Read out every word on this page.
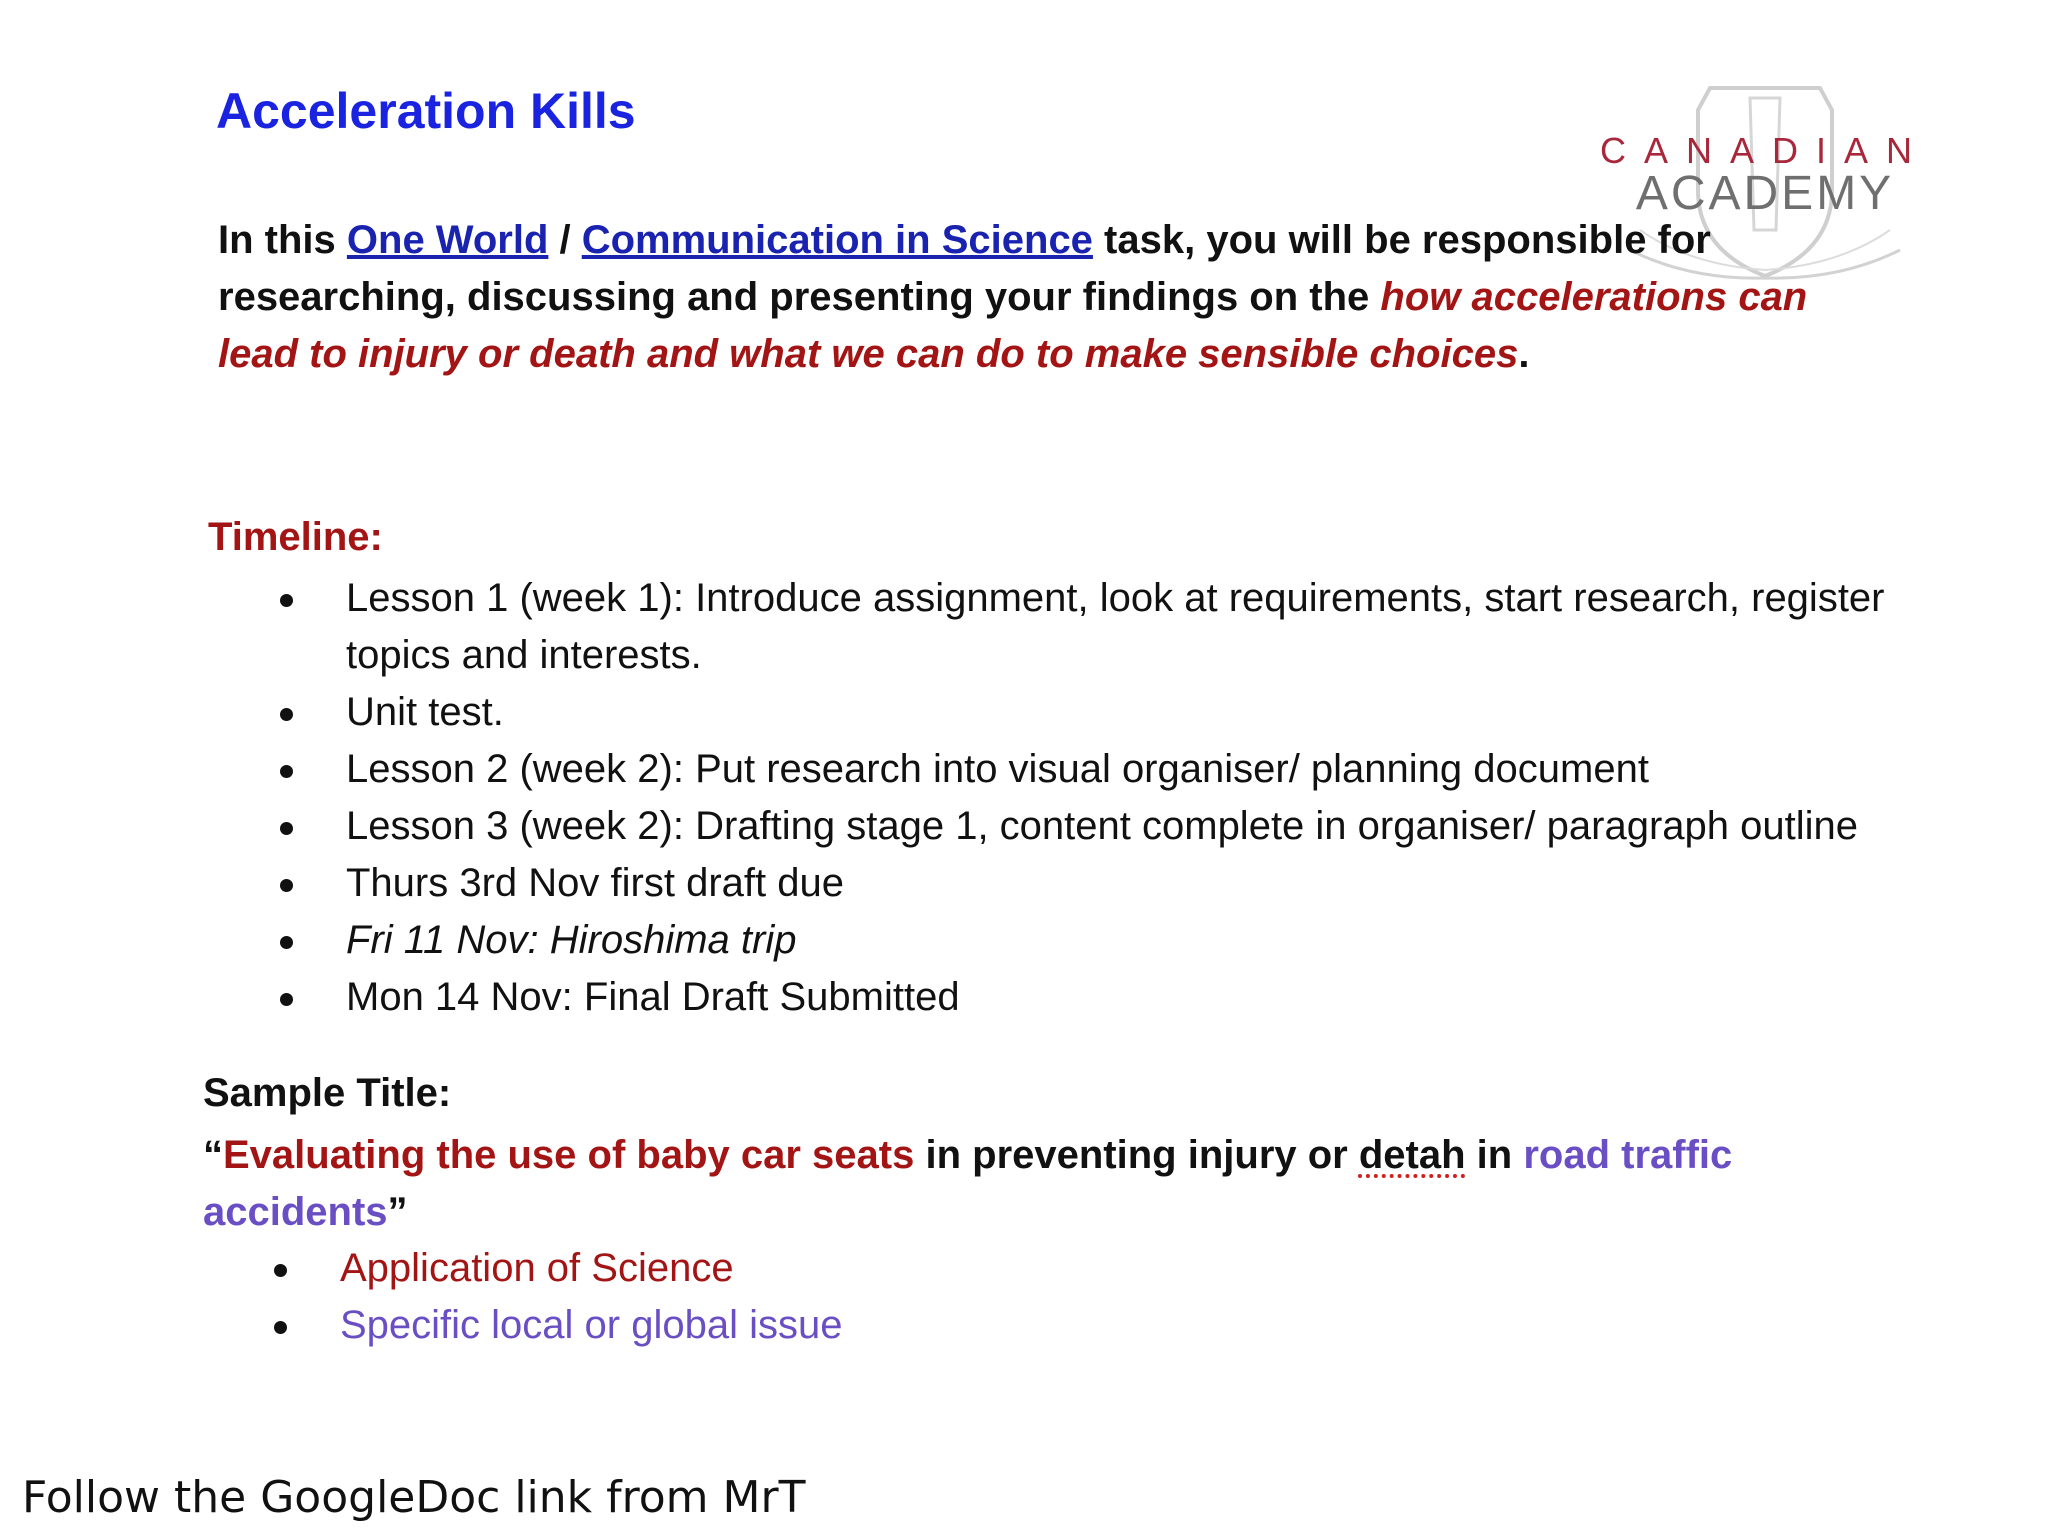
Acceleration Kills
CANADIAN
ACADEMY
In this One World / Communication in Science task, you will be responsible for researching, discussing and presenting your findings on the how accelerations can lead to injury or death and what we can do to make sensible choices.
Timeline:
Lesson 1 (week 1): Introduce assignment, look at requirements, start research, register topics and interests.
Unit test.
Lesson 2 (week 2): Put research into visual organiser/ planning document
Lesson 3 (week 2): Drafting stage 1, content complete in organiser/ paragraph outline
Thurs 3rd Nov first draft due
Fri 11 Nov: Hiroshima trip
Mon 14 Nov: Final Draft Submitted
Sample Title:
“Evaluating the use of baby car seats in preventing injury or detah in road traffic accidents”
Application of Science
Specific local or global issue
Follow the GoogleDoc link from MrT
